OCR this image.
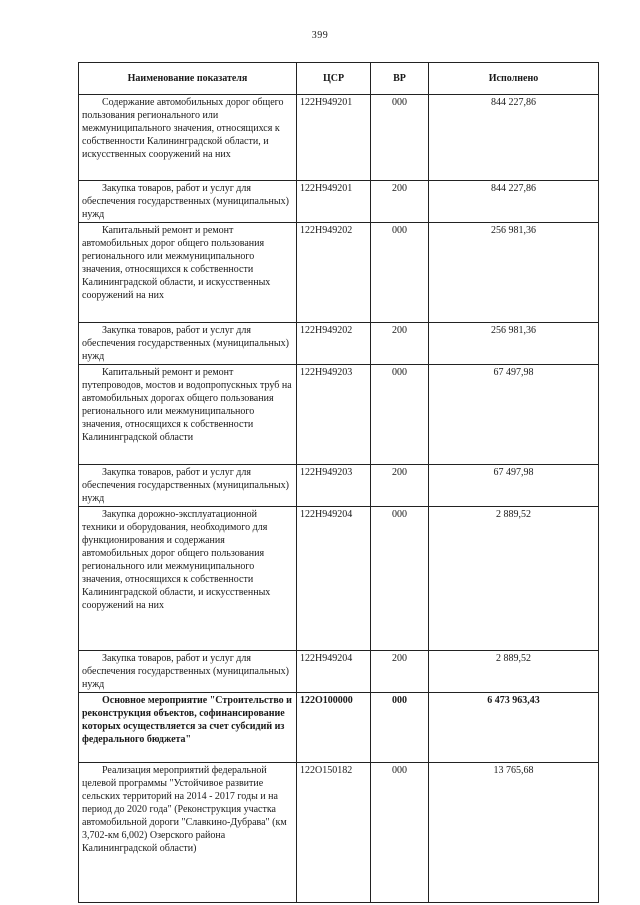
399
Наименование показателя	ЦСР	ВР	Исполнено
Содержание автомобильных дорог общего пользования регионального или межмуниципального значения, относящихся к собственности Калининградской области, и искусственных сооружений на них	122H949201	000	844 227,86
Закупка товаров, работ и услуг для обеспечения государственных (муниципальных) нужд	122H949201	200	844 227,86
Капитальный ремонт и ремонт автомобильных дорог общего пользования регионального или межмуниципального значения, относящихся к собственности Калининградской области, и искусственных сооружений на них	122H949202	000	256 981,36
Закупка товаров, работ и услуг для обеспечения государственных (муниципальных) нужд	122H949202	200	256 981,36
Капитальный ремонт и ремонт путепроводов, мостов и водопропускных труб на автомобильных дорогах общего пользования регионального или межмуниципального значения, относящихся к собственности Калининградской области	122H949203	000	67 497,98
Закупка товаров, работ и услуг для обеспечения государственных (муниципальных) нужд	122H949203	200	67 497,98
Закупка дорожно-эксплуатационной техники и оборудования, необходимого для функционирования и содержания автомобильных дорог общего пользования регионального или межмуниципального значения, относящихся к собственности Калининградской области, и искусственных сооружений на них	122H949204	000	2 889,52
Закупка товаров, работ и услуг для обеспечения государственных (муниципальных) нужд	122H949204	200	2 889,52
Основное мероприятие "Строительство и реконструкция объектов, софинансирование которых осуществляется за счет субсидий из федерального бюджета"	122O100000	000	6 473 963,43
Реализация мероприятий федеральной целевой программы "Устойчивое развитие сельских территорий на 2014 - 2017 годы и на период до 2020 года" (Реконструкция участка автомобильной дороги "Славкино-Дубрава" (км 3,702-км 6,002) Озерского района Калининградской области)	122O150182	000	13 765,68
